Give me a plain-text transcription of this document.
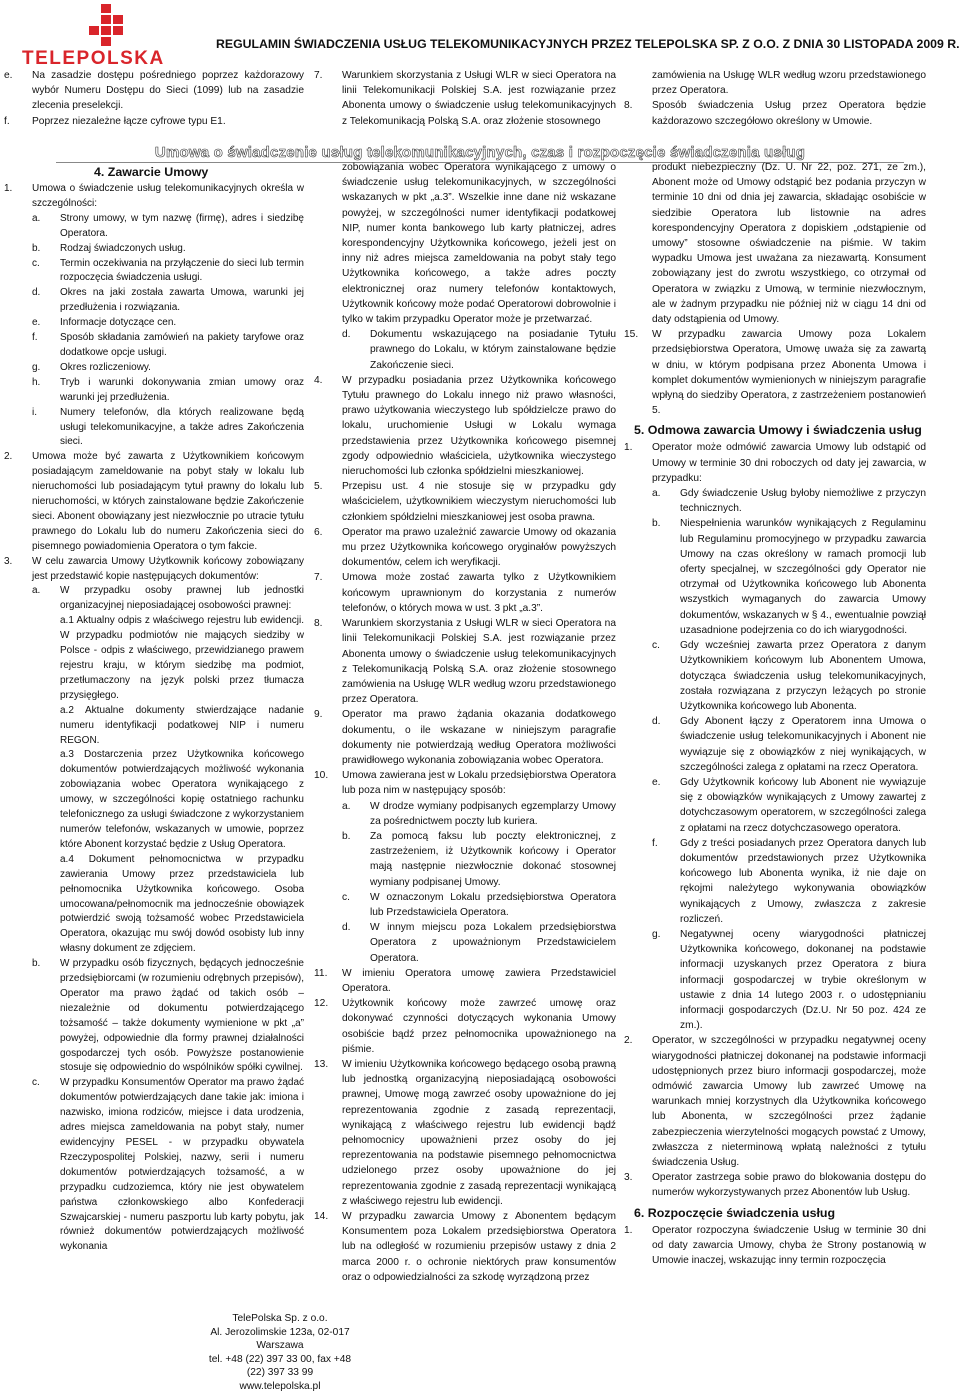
TELEPOLSKA
REGULAMIN ŚWIADCZENIA USŁUG TELEKOMUNIKACYJNYCH PRZEZ TELEPOLSKA SP. Z O.O. Z DNIA 30 LISTOPADA 2009 R.
e. Na zasadzie dostępu pośredniego poprzez każdorazowy wybór Numeru Dostępu do Sieci (1099) lub na zasadzie zlecenia preselekcji.
f. Poprzez niezależne łącze cyfrowe typu E1.
7. Warunkiem skorzystania z Usługi WLR w sieci Operatora na linii Telekomunikacji Polskiej S.A. jest rozwiązanie przez Abonenta umowy o świadczenie usług telekomunikacyjnych z Telekomunikacją Polską S.A. oraz złożenie stosownego
zamówienia na Usługę WLR według wzoru przedstawionego przez Operatora.
8. Sposób świadczenia Usług przez Operatora będzie każdorazowo szczegółowo określony w Umowie.
Umowa o świadczenie usług telekomunikacyjnych, czas i rozpoczęcie świadczenia usług
4. Zawarcie Umowy
1. Umowa o świadczenie usług telekomunikacyjnych określa w szczególności:
a. Strony umowy, w tym nazwę (firmę), adres i siedzibę Operatora.
b. Rodzaj świadczonych usług.
c. Termin oczekiwania na przyłączenie do sieci lub termin rozpoczęcia świadczenia usługi.
d. Okres na jaki została zawarta Umowa, warunki jej przedłużenia i rozwiązania.
e. Informacje dotyczące cen.
f. Sposób składania zamówień na pakiety taryfowe oraz dodatkowe opcje usługi.
g. Okres rozliczeniowy.
h. Tryb i warunki dokonywania zmian umowy oraz warunki jej przedłużenia.
i. Numery telefonów, dla których realizowane będą usługi telekomunikacyjne, a także adres Zakończenia sieci.
2. Umowa może być zawarta z Użytkownikiem końcowym posiadającym zameldowanie na pobyt stały w lokalu lub nieruchomości lub posiadającym tytuł prawny do lokalu lub nieruchomości, w których zainstalowane będzie Zakończenie sieci. Abonent obowiązany jest niezwłocznie po utracie tytułu prawnego do Lokalu lub do numeru Zakończenia sieci do pisemnego powiadomienia Operatora o tym fakcie.
3. W celu zawarcia Umowy Użytkownik końcowy zobowiązany jest przedstawić kopie następujących dokumentów:
a. W przypadku osoby prawnej lub jednostki organizacyjnej nieposiadającej osobowości prawnej:
a.1 Aktualny odpis z właściwego rejestru lub ewidencji. W przypadku podmiotów nie mających siedziby w Polsce - odpis z właściwego, przewidzianego prawem rejestru kraju, w którym siedzibę ma podmiot, przetłumaczony na język polski przez tłumacza przysięgłego.
a.2 Aktualne dokumenty stwierdzające nadanie numeru identyfikacji podatkowej NIP i numeru REGON.
a.3 Dostarczenia przez Użytkownika końcowego dokumentów potwierdzających możliwość wykonania zobowiązania wobec Operatora wynikającego z umowy, w szczególności kopię ostatniego rachunku telefonicznego za usługi świadczone z wykorzystaniem numerów telefonów, wskazanych w umowie, poprzez które Abonent korzystać będzie z Usług Operatora.
a.4 Dokument pełnomocnictwa w przypadku zawierania Umowy przez przedstawiciela lub pełnomocnika Użytkownika końcowego. Osoba umocowana/pełnomocnik ma jednocześnie obowiązek potwierdzić swoją tożsamość wobec Przedstawiciela Operatora, okazując mu swój dowód osobisty lub inny własny dokument ze zdjęciem.
b. W przypadku osób fizycznych, będących jednocześnie przedsiębiorcami (w rozumieniu odrębnych przepisów), Operator ma prawo żądać od takich osób – niezależnie od dokumentu potwierdzającego tożsamość – także dokumenty wymienione w pkt „a” powyżej, odpowiednie dla formy prawnej działalności gospodarczej tych osób. Powyższe postanowienie stosuje się odpowiednio do wspólników spółki cywilnej.
c. W przypadku Konsumentów Operator ma prawo żądać dokumentów potwierdzających dane takie jak: imiona i nazwisko, imiona rodziców, miejsce i data urodzenia, adres miejsca zameldowania na pobyt stały, numer ewidencyjny PESEL - w przypadku obywatela Rzeczypospolitej Polskiej, nazwy, serii i numeru dokumentów potwierdzających tożsamość, a w przypadku cudzoziemca, który nie jest obywatelem państwa członkowskiego albo Konfederacji Szwajcarskiej - numeru paszportu lub karty pobytu, jak również dokumentów potwierdzających możliwość wykonania
zobowiązania wobec Operatora wynikającego z umowy o świadczenie usług telekomunikacyjnych, w szczególności wskazanych w pkt „a.3”. Wszelkie inne dane niż wskazane powyżej, w szczególności numer identyfikacji podatkowej NIP, numer konta bankowego lub karty płatniczej, adres korespondencyjny Użytkownika końcowego, jeżeli jest on inny niż adres miejsca zameldowania na pobyt stały tego Użytkownika końcowego, a także adres poczty elektronicznej oraz numery telefonów kontaktowych, Użytkownik końcowy może podać Operatorowi dobrowolnie i tylko w takim przypadku Operator może je przetwarzać.
d. Dokumentu wskazującego na posiadanie Tytułu prawnego do Lokalu, w którym zainstalowane będzie Zakończenie sieci.
4. W przypadku posiadania przez Użytkownika końcowego Tytułu prawnego do Lokalu innego niż prawo własności, prawo użytkowania wieczystego lub spółdzielcze prawo do lokalu, uruchomienie Usługi w Lokalu wymaga przedstawienia przez Użytkownika końcowego pisemnej zgody odpowiednio właściciela, użytkownika wieczystego nieruchomości lub członka spółdzielni mieszkaniowej.
5. Przepisu ust. 4 nie stosuje się w przypadku gdy właścicielem, użytkownikiem wieczystym nieruchomości lub członkiem spółdzielni mieszkaniowej jest osoba prawna.
6. Operator ma prawo uzależnić zawarcie Umowy od okazania mu przez Użytkownika końcowego oryginałów powyższych dokumentów, celem ich weryfikacji.
7. Umowa może zostać zawarta tylko z Użytkownikiem końcowym uprawnionym do korzystania z numerów telefonów, o których mowa w ust. 3 pkt „a.3”.
8. Warunkiem skorzystania z Usługi WLR w sieci Operatora na linii Telekomunikacji Polskiej S.A. jest rozwiązanie przez Abonenta umowy o świadczenie usług telekomunikacyjnych z Telekomunikacją Polską S.A. oraz złożenie stosownego zamówienia na Usługę WLR według wzoru przedstawionego przez Operatora.
9. Operator ma prawo żądania okazania dodatkowego dokumentu, o ile wskazane w niniejszym paragrafie dokumenty nie potwierdzają według Operatora możliwości prawidłowego wykonania zobowiązania wobec Operatora.
10. Umowa zawierana jest w Lokalu przedsiębiorstwa Operatora lub poza nim w następujący sposób:
a. W drodze wymiany podpisanych egzemplarzy Umowy za pośrednictwem poczty lub kuriera.
b. Za pomocą faksu lub poczty elektronicznej, z zastrzeżeniem, iż Użytkownik końcowy i Operator mają następnie niezwłocznie dokonać stosownej wymiany podpisanej Umowy.
c. W oznaczonym Lokalu przedsiębiorstwa Operatora lub Przedstawiciela Operatora.
d. W innym miejscu poza Lokalem przedsiębiorstwa Operatora z upoważnionym Przedstawicielem Operatora.
11. W imieniu Operatora umowę zawiera Przedstawiciel Operatora.
12. Użytkownik końcowy może zawrzeć umowę oraz dokonywać czynności dotyczących wykonania Umowy osobiście bądź przez pełnomocnika upoważnionego na piśmie.
13. W imieniu Użytkownika końcowego będącego osobą prawną lub jednostką organizacyjną nieposiadającą osobowości prawnej, Umowę mogą zawrzeć osoby upoważnione do jej reprezentowania zgodnie z zasadą reprezentacji, wynikającą z właściwego rejestru lub ewidencji bądź pełnomocnicy upoważnieni przez osoby do jej reprezentowania na podstawie pisemnego pełnomocnictwa udzielonego przez osoby upoważnione do jej reprezentowania zgodnie z zasadą reprezentacji wynikającą z właściwego rejestru lub ewidencji.
14. W przypadku zawarcia Umowy z Abonentem będącym Konsumentem poza Lokalem przedsiębiorstwa Operatora lub na odległość w rozumieniu przepisów ustawy z dnia 2 marca 2000 r. o ochronie niektórych praw konsumentów oraz o odpowiedzialności za szkodę wyrządzoną przez
produkt niebezpieczny (Dz. U. Nr 22, poz. 271, ze zm.), Abonent może od Umowy odstąpić bez podania przyczyn w terminie 10 dni od dnia jej zawarcia, składając osobiście w siedzibie Operatora lub listownie na adres korespondencyjny Operatora z dopiskiem „odstąpienie od umowy” stosowne oświadczenie na piśmie. W takim wypadku Umowa jest uważana za niezawartą. Konsument zobowiązany jest do zwrotu wszystkiego, co otrzymał od Operatora w związku z Umową, w terminie niezwłocznym, ale w żadnym przypadku nie później niż w ciągu 14 dni od daty odstąpienia od Umowy.
15. W przypadku zawarcia Umowy poza Lokalem przedsiębiorstwa Operatora, Umowę uważa się za zawartą w dniu, w którym podpisana przez Abonenta Umowa i komplet dokumentów wymienionych w niniejszym paragrafie wpłyną do siedziby Operatora, z zastrzeżeniem postanowień 5.
5. Odmowa zawarcia Umowy i świadczenia usług
1. Operator może odmówić zawarcia Umowy lub odstąpić od Umowy w terminie 30 dni roboczych od daty jej zawarcia, w przypadku:
a. Gdy świadczenie Usług byłoby niemożliwe z przyczyn technicznych.
b. Niespełnienia warunków wynikających z Regulaminu lub Regulaminu promocyjnego w przypadku zawarcia Umowy na czas określony w ramach promocji lub oferty specjalnej, w szczególności gdy Operator nie otrzymał od Użytkownika końcowego lub Abonenta wszystkich wymaganych do zawarcia Umowy dokumentów, wskazanych w § 4., ewentualnie powziął uzasadnione podejrzenia co do ich wiarygodności.
c. Gdy wcześniej zawarta przez Operatora z danym Użytkownikiem końcowym lub Abonentem Umowa, dotycząca świadczenia usług telekomunikacyjnych, została rozwiązana z przyczyn leżących po stronie Użytkownika końcowego lub Abonenta.
d. Gdy Abonent łączy z Operatorem inna Umowa o świadczenie usług telekomunikacyjnych i Abonent nie wywiązuje się z obowiązków z niej wynikających, w szczególności zalega z opłatami na rzecz Operatora.
e. Gdy Użytkownik końcowy lub Abonent nie wywiązuje się z obowiązków wynikających z Umowy zawartej z dotychczasowym operatorem, w szczególności zalega z opłatami na rzecz dotychczasowego operatora.
f. Gdy z treści posiadanych przez Operatora danych lub dokumentów przedstawionych przez Użytkownika końcowego lub Abonenta wynika, iż nie daje on rękojmi należytego wykonywania obowiązków wynikających z Umowy, zwłaszcza z zakresie rozliczeń.
g. Negatywnej oceny wiarygodności płatniczej Użytkownika końcowego, dokonanej na podstawie informacji uzyskanych przez Operatora z biura informacji gospodarczej w trybie określonym w ustawie z dnia 14 lutego 2003 r. o udostępnianiu informacji gospodarczych (Dz.U. Nr 50 poz. 424 ze zm.).
2. Operator, w szczególności w przypadku negatywnej oceny wiarygodności płatniczej dokonanej na podstawie informacji udostępnionych przez biuro informacji gospodarczej, może odmówić zawarcia Umowy lub zawrzeć Umowę na warunkach mniej korzystnych dla Użytkownika końcowego lub Abonenta, w szczególności przez żądanie zabezpieczenia wierzytelności mogących powstać z Umowy, zwłaszcza z nieterminową wpłatą należności z tytułu świadczenia Usług.
3. Operator zastrzega sobie prawo do blokowania dostępu do numerów wykorzystywanych przez Abonentów lub Usług.
6. Rozpoczęcie świadczenia usług
1. Operator rozpoczyna świadczenie Usług w terminie 30 dni od daty zawarcia Umowy, chyba że Strony postanowią w Umowie inaczej, wskazując inny termin rozpoczęcia
TelePolska Sp. z o.o.
Al. Jerozolimskie 123a, 02-017 Warszawa
tel. +48 (22) 397 33 00, fax +48 (22) 397 33 99
www.telepolska.pl
